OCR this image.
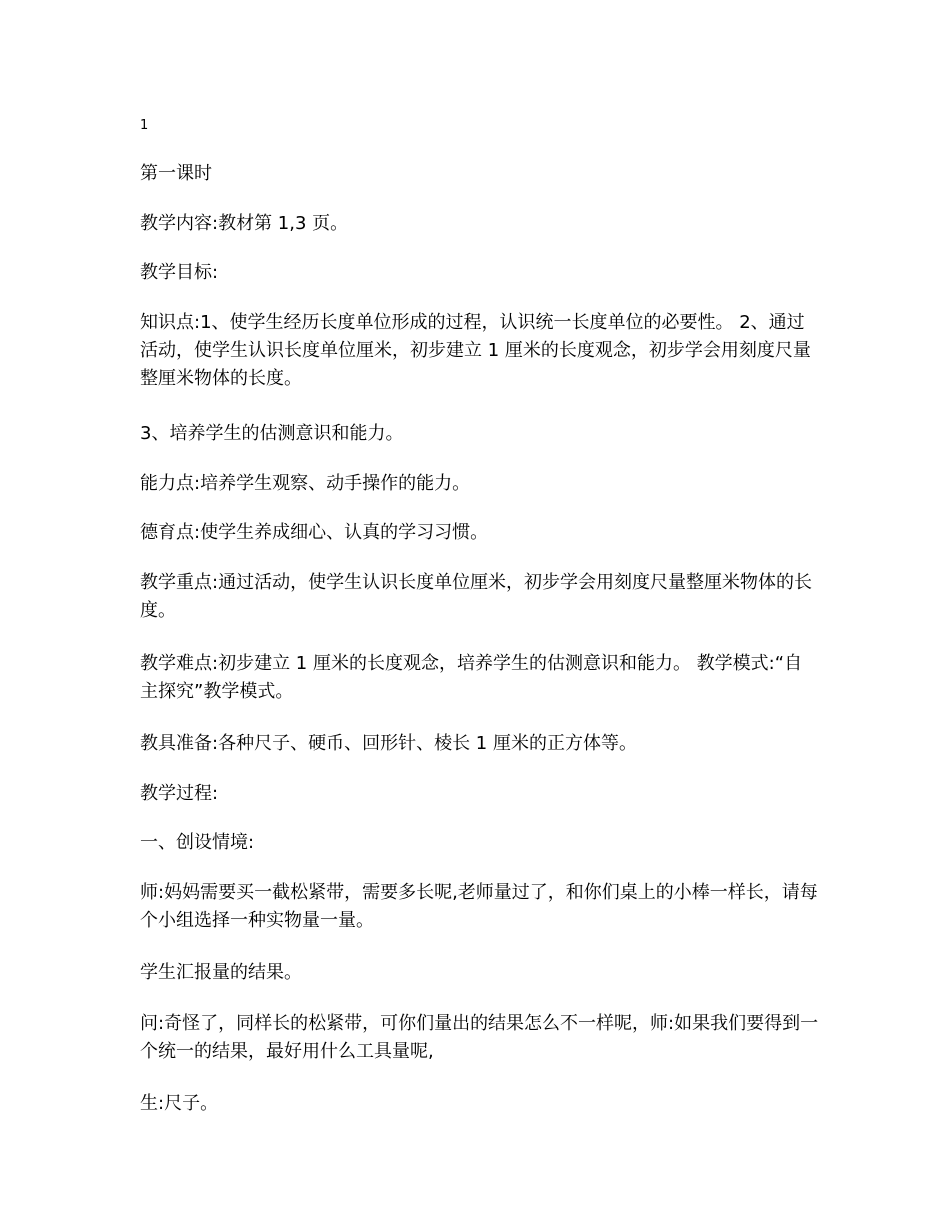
1

第一课时

教学内容:教材第 1,3 页。

教学目标:

知识点:1、使学生经历长度单位形成的过程，认识统一长度单位的必要性。 2、通过活动，使学生认识长度单位厘米，初步建立 1 厘米的长度观念，初步学会用刻度尺量整厘米物体的长度。

3、培养学生的估测意识和能力。

能力点:培养学生观察、动手操作的能力。

德育点:使学生养成细心、认真的学习习惯。

教学重点:通过活动，使学生认识长度单位厘米，初步学会用刻度尺量整厘米物体的长度。

教学难点:初步建立 1 厘米的长度观念，培养学生的估测意识和能力。 教学模式:“自主探究”教学模式。

教具准备:各种尺子、硬币、回形针、棱长 1 厘米的正方体等。

教学过程:

一、创设情境:

师:妈妈需要买一截松紧带，需要多长呢,老师量过了，和你们桌上的小棒一样长，请每个小组选择一种实物量一量。

学生汇报量的结果。

问:奇怪了，同样长的松紧带，可你们量出的结果怎么不一样呢，师:如果我们要得到一个统一的结果，最好用什么工具量呢,

生:尺子。
